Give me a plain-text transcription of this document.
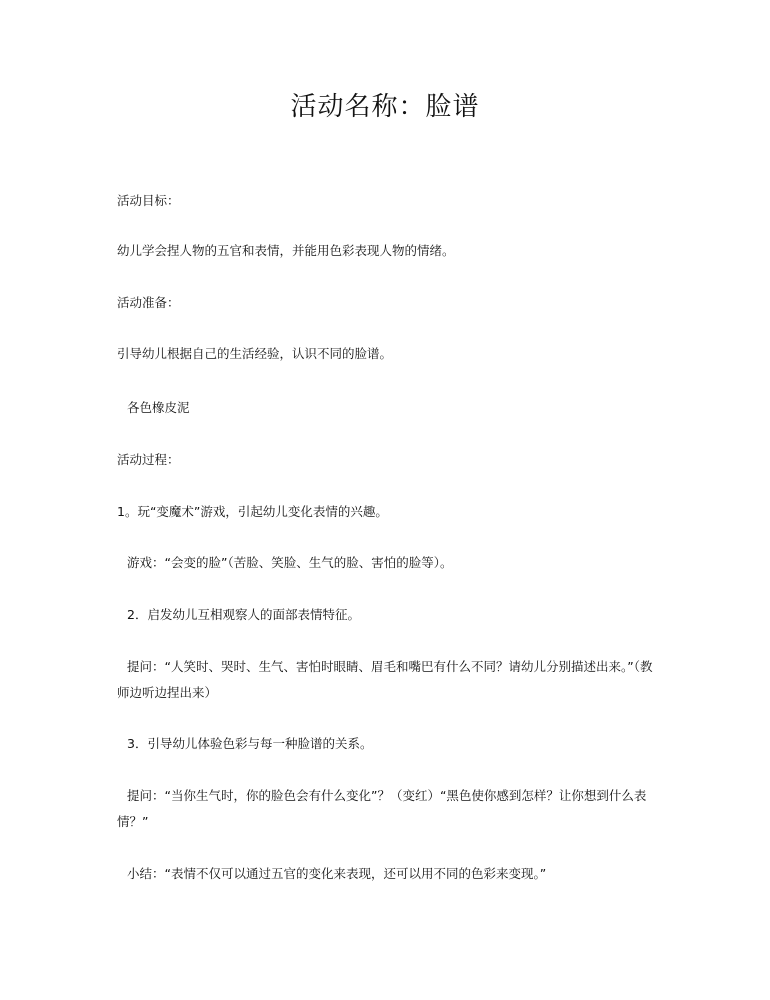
活动名称：脸谱
活动目标：
幼儿学会捏人物的五官和表情，并能用色彩表现人物的情绪。
活动准备：
引导幼儿根据自己的生活经验，认识不同的脸谱。
各色橡皮泥
活动过程：
1。玩“变魔术”游戏，引起幼儿变化表情的兴趣。
游戏：“会变的脸”（苦脸、笑脸、生气的脸、害怕的脸等）。
2．启发幼儿互相观察人的面部表情特征。
提问：“人笑时、哭时、生气、害怕时眼睛、眉毛和嘴巴有什么不同？请幼儿分别描述出来。”（教师边听边捏出来）
3．引导幼儿体验色彩与每一种脸谱的关系。
提问：“当你生气时，你的脸色会有什么变化”？（变红）“黑色使你感到怎样？让你想到什么表情？”
小结：“表情不仅可以通过五官的变化来表现，还可以用不同的色彩来变现。”
